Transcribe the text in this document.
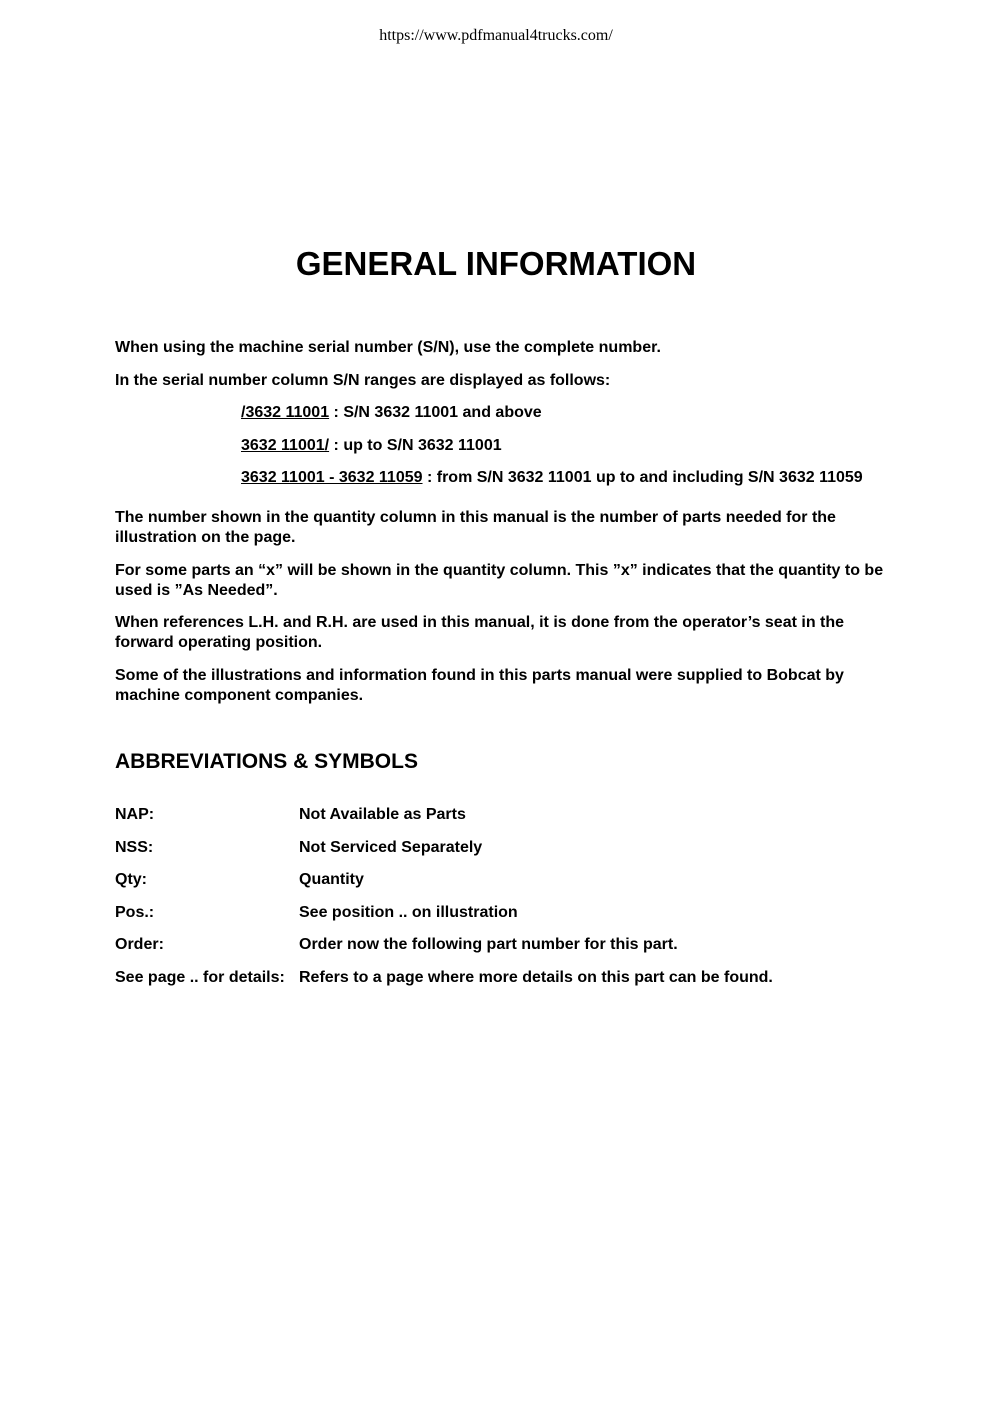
https://www.pdfmanual4trucks.com/
GENERAL INFORMATION

When using the machine serial number (S/N), use the complete number.

In the serial number column S/N ranges are displayed as follows:

/3632 11001 : S/N 3632 11001 and above
3632 11001/ : up to S/N 3632 11001
3632 11001 - 3632 11059 : from S/N 3632 11001 up to and including S/N 3632 11059

The number shown in the quantity column in this manual is the number of parts needed for the illustration on the page.

For some parts an “x” will be shown in the quantity column. This ”x” indicates that the quantity to be used is ”As Needed”.

When references L.H. and R.H. are used in this manual, it is done from the operator’s seat in the forward operating position.

Some of the illustrations and information found in this parts manual were supplied to Bobcat by machine component companies.

ABBREVIATIONS & SYMBOLS
NAP:	Not Available as Parts
NSS:	Not Serviced Separately
Qty:	Quantity
Pos.:	See position .. on illustration
Order:	Order now the following part number for this part.
See page .. for details: Refers to a page where more details on this part can be found.
